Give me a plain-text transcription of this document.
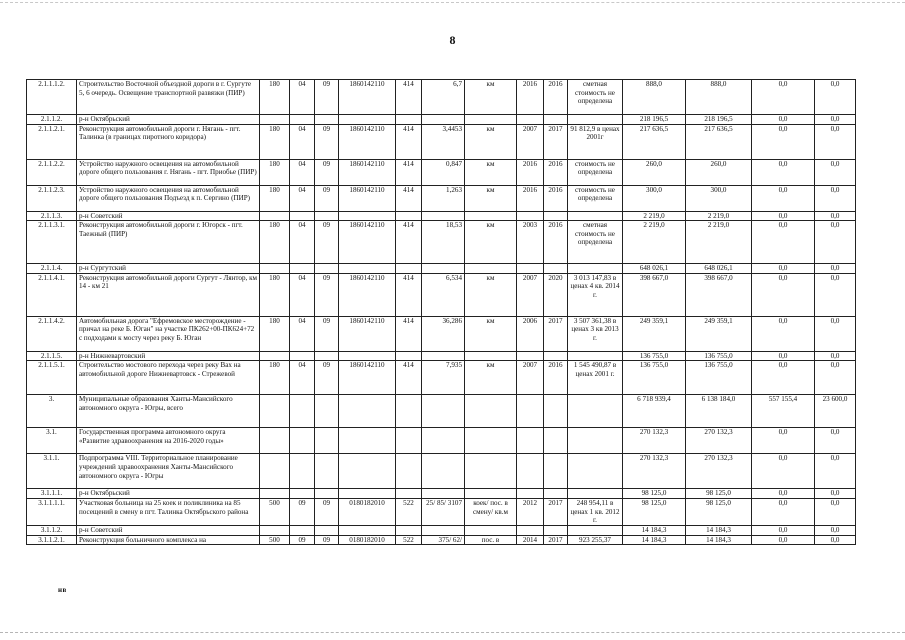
8
2.1.1.1.2.	Строительство Восточной объездной дороги в г. Сургуте 5, 6 очередь. Освещение транспортной развязки (ПИР)	180	04	09	1860142110	414	6,7	км	2016	2016	сметная стоимость не определена	888,0	888,0	0,0	0,0
2.1.1.2.	р-н Октябрьский											218 196,5	218 196,5	0,0	0,0
2.1.1.2.1.	Реконструкция автомобильной дороги г. Нягань - пгт. Талинка (в границах пиротного коридора)	180	04	09	1860142110	414	3,4453	км	2007	2017	91 812,9 в ценах 2001г	217 636,5	217 636,5	0,0	0,0
2.1.1.2.2.	Устройство наружного освещения на автомобильной дороге общего пользования г. Нягань - пгт. Приобье (ПИР)	180	04	09	1860142110	414	0,847	км	2016	2016	стоимость не определена	260,0	260,0	0,0	0,0
2.1.1.2.3.	Устройство наружного освещения на автомобильной дороге общего пользования Подъезд к п. Сергино (ПИР)	180	04	09	1860142110	414	1,263	км	2016	2016	стоимость не определена	300,0	300,0	0,0	0,0
2.1.1.3.	р-н Советский											2 219,0	2 219,0	0,0	0,0
2.1.1.3.1.	Реконструкция автомобильной дороги г. Югорск - пгт. Таежный (ПИР)	180	04	09	1860142110	414	18,53	км	2003	2016	сметная стоимость не определена	2 219,0	2 219,0	0,0	0,0
2.1.1.4.	р-н Сургутский											648 026,1	648 026,1	0,0	0,0
2.1.1.4.1.	Реконструкция автомобильной дороги Сургут - Лянтор, км 14 - км 21	180	04	09	1860142110	414	6,534	км	2007	2020	3 013 147,83 в ценах 4 кв. 2014 г.	398 667,0	398 667,0	0,0	0,0
2.1.1.4.2.	Автомобильная дорога "Ефремовское месторождение - причал на реке Б. Юган" на участке ПК262+00-ПК624+72 с подходами к мосту через реку Б. Юган	180	04	09	1860142110	414	36,286	км	2006	2017	3 507 361,38 в ценах 3 кв 2013 г.	249 359,1	249 359,1	0,0	0,0
2.1.1.5.	р-н Нижневартовский											136 755,0	136 755,0	0,0	0,0
2.1.1.5.1.	Строительство мостового перехода через реку Вах на автомобильной дороге Нижневартовск - Стрежевой	180	04	09	1860142110	414	7,935	км	2007	2016	1 545 490,87 в ценах 2001 г.	136 755,0	136 755,0	0,0	0,0
3.	Муниципальные образования Ханты-Мансийского автономного округа - Югры, всего											6 718 939,4	6 138 184,0	557 155,4	23 600,0
3.1.	Государственная программа автономного округа «Развитие здравоохранения на 2016-2020 годы»											270 132,3	270 132,3	0,0	0,0
3.1.1.	Подпрограмма VIII. Территориальное планирование учреждений здравоохранения Ханты-Мансийского автономного округа - Югры											270 132,3	270 132,3	0,0	0,0
3.1.1.1.	р-н Октябрьский											98 125,0	98 125,0	0,0	0,0
3.1.1.1.1.	Участковая больница на 25 коек и поликлиника на 85 посещений в смену в пгт. Талинка Октябрьского района	500	09	09	0180182010	522	25/ 85/ 3107	коек/ пос. в смену/ кв.м	2012	2017	248 954,11 в ценах 1 кв. 2012 г.	98 125,0	98 125,0	0,0	0,0
3.1.1.2.	р-н Советский											14 184,3	14 184,3	0,0	0,0
3.1.1.2.1.	Реконструкция больничного комплекса на	500	09	09	0180182010	522	375/ 62/	пос. в	2014	2017	923 255,37	14 184,3	14 184,3	0,0	0,0
нв
